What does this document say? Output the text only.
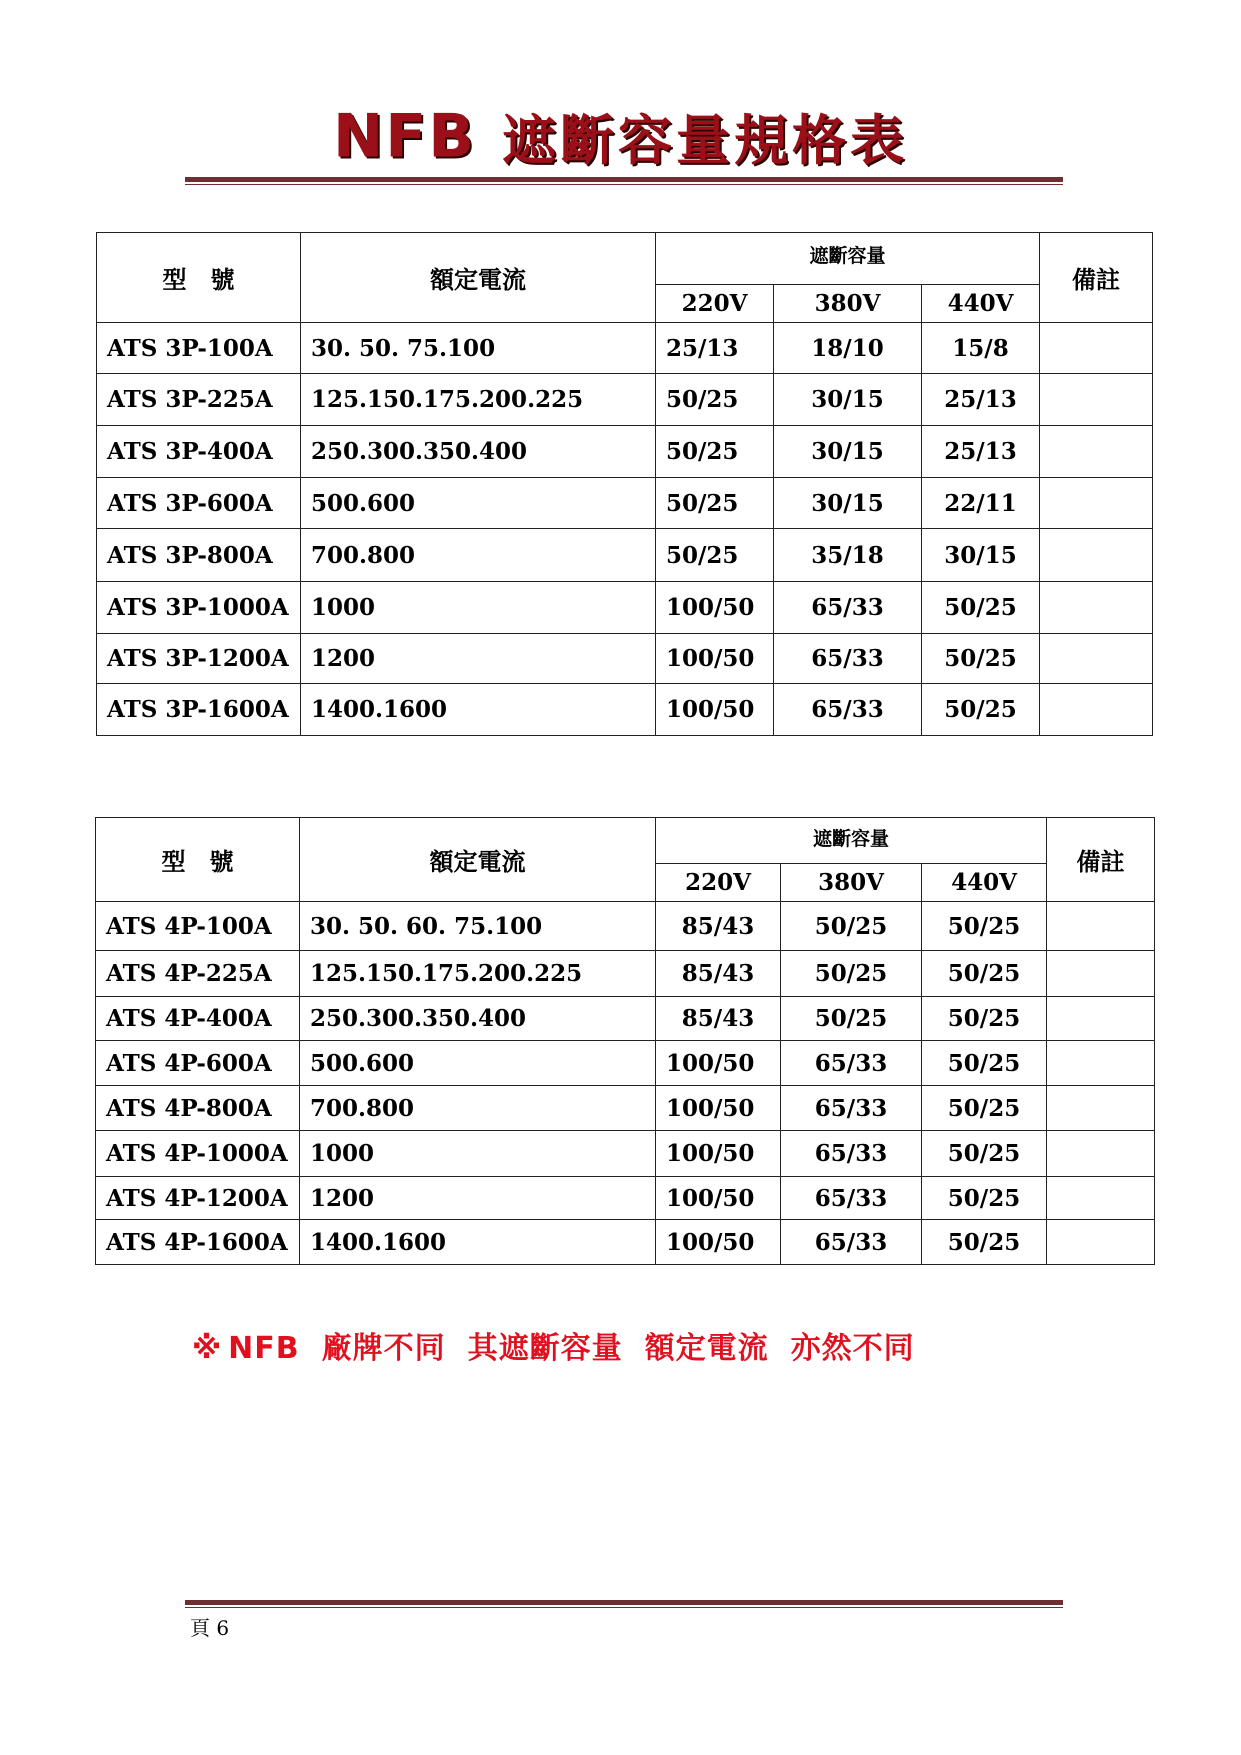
NFB 遮斷容量規格表
型　號	額定電流	遮斷容量			備註
		220V	380V	440V	
ATS 3P-100A	30. 50. 75.100	25/13	18/10	15/8	
ATS 3P-225A	125.150.175.200.225	50/25	30/15	25/13	
ATS 3P-400A	250.300.350.400	50/25	30/15	25/13	
ATS 3P-600A	500.600	50/25	30/15	22/11	
ATS 3P-800A	700.800	50/25	35/18	30/15	
ATS 3P-1000A	1000	100/50	65/33	50/25	
ATS 3P-1200A	1200	100/50	65/33	50/25	
ATS 3P-1600A	1400.1600	100/50	65/33	50/25	
型　號	額定電流	遮斷容量			備註
		220V	380V	440V	
ATS 4P-100A	30. 50. 60. 75.100	85/43	50/25	50/25	
ATS 4P-225A	125.150.175.200.225	85/43	50/25	50/25	
ATS 4P-400A	250.300.350.400	85/43	50/25	50/25	
ATS 4P-600A	500.600	100/50	65/33	50/25	
ATS 4P-800A	700.800	100/50	65/33	50/25	
ATS 4P-1000A	1000	100/50	65/33	50/25	
ATS 4P-1200A	1200	100/50	65/33	50/25	
ATS 4P-1600A	1400.1600	100/50	65/33	50/25	
※ NFB 廠牌不同 其遮斷容量 額定電流 亦然不同
頁 6
